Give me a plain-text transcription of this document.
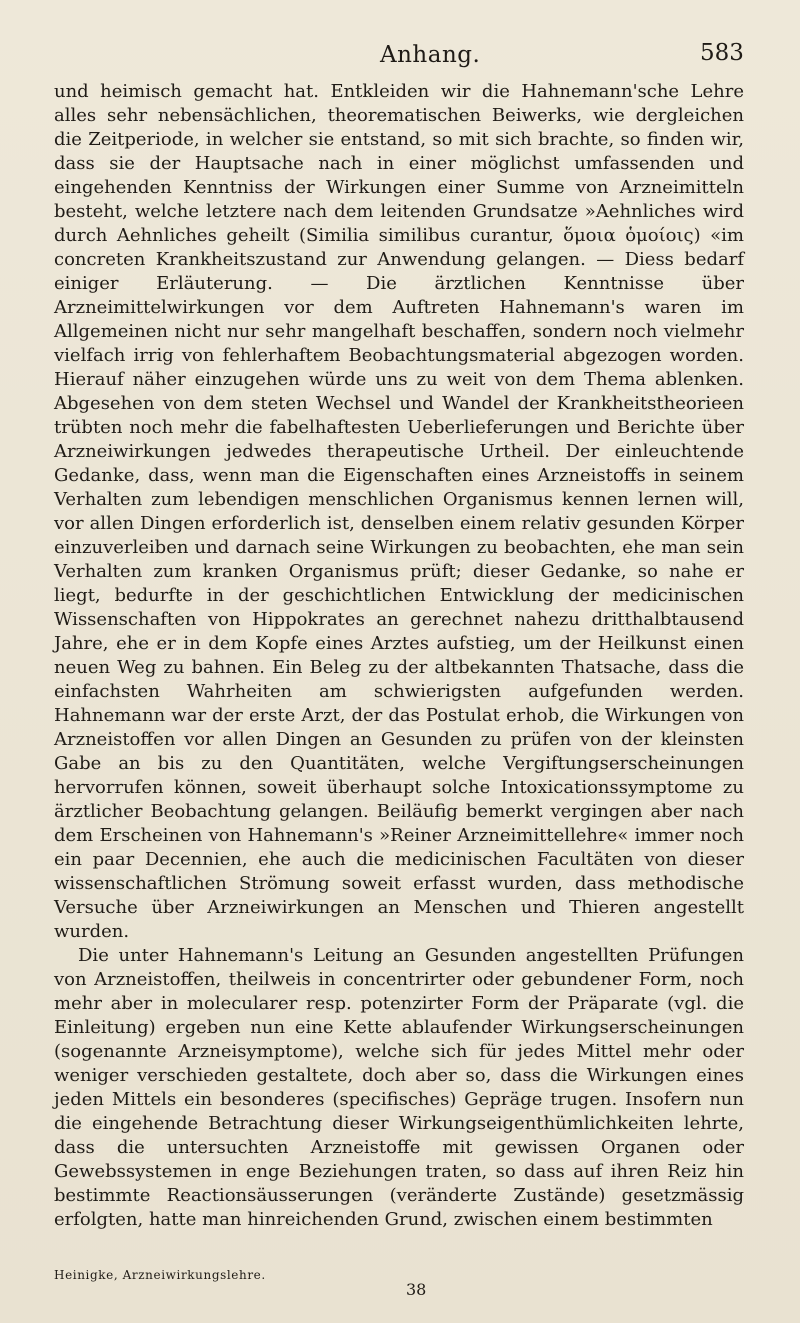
Anhang.	583

und heimisch gemacht hat. Entkleiden wir die Hahnemann'sche Lehre alles sehr nebensächlichen, theorematischen Beiwerks, wie dergleichen die Zeitperiode, in welcher sie entstand, so mit sich brachte, so finden wir, dass sie der Hauptsache nach in einer möglichst umfassenden und eingehenden Kenntniss der Wirkungen einer Summe von Arzneimitteln besteht, welche letztere nach dem leitenden Grundsatze »Aehnliches wird durch Aehnliches geheilt (Similia similibus curantur, ὅμοια ὁμοίοις) «im concreten Krankheitszustand zur Anwendung gelangen. — Diess bedarf einiger Erläuterung. — Die ärztlichen Kenntnisse über Arzneimittelwirkungen vor dem Auftreten Hahnemann's waren im Allgemeinen nicht nur sehr mangelhaft beschaffen, sondern noch vielmehr vielfach irrig von fehlerhaftem Beobachtungsmaterial abgezogen worden. Hierauf näher einzugehen würde uns zu weit von dem Thema ablenken. Abgesehen von dem steten Wechsel und Wandel der Krankheitstheorieen trübten noch mehr die fabelhaftesten Ueberlieferungen und Berichte über Arzneiwirkungen jedwedes therapeutische Urtheil. Der einleuchtende Gedanke, dass, wenn man die Eigenschaften eines Arzneistoffs in seinem Verhalten zum lebendigen menschlichen Organismus kennen lernen will, vor allen Dingen erforderlich ist, denselben einem relativ gesunden Körper einzuverleiben und darnach seine Wirkungen zu beobachten, ehe man sein Verhalten zum kranken Organismus prüft; dieser Gedanke, so nahe er liegt, bedurfte in der geschichtlichen Entwicklung der medicinischen Wissenschaften von Hippokrates an gerechnet nahezu dritthalbtausend Jahre, ehe er in dem Kopfe eines Arztes aufstieg, um der Heilkunst einen neuen Weg zu bahnen. Ein Beleg zu der altbekannten Thatsache, dass die einfachsten Wahrheiten am schwierigsten aufgefunden werden. Hahnemann war der erste Arzt, der das Postulat erhob, die Wirkungen von Arzneistoffen vor allen Dingen an Gesunden zu prüfen von der kleinsten Gabe an bis zu den Quantitäten, welche Vergiftungserscheinungen hervorrufen können, soweit überhaupt solche Intoxicationssymptome zu ärztlicher Beobachtung gelangen. Beiläufig bemerkt vergingen aber nach dem Erscheinen von Hahnemann's »Reiner Arzneimittellehre« immer noch ein paar Decennien, ehe auch die medicinischen Facultäten von dieser wissenschaftlichen Strömung soweit erfasst wurden, dass methodische Versuche über Arzneiwirkungen an Menschen und Thieren angestellt wurden.

Die unter Hahnemann's Leitung an Gesunden angestellten Prüfungen von Arzneistoffen, theilweis in concentrirter oder gebundener Form, noch mehr aber in molecularer resp. potenzirter Form der Präparate (vgl. die Einleitung) ergeben nun eine Kette ablaufender Wirkungserscheinungen (sogenannte Arzneisymptome), welche sich für jedes Mittel mehr oder weniger verschieden gestaltete, doch aber so, dass die Wirkungen eines jeden Mittels ein besonderes (specifisches) Gepräge trugen. Insofern nun die eingehende Betrachtung dieser Wirkungseigenthümlichkeiten lehrte, dass die untersuchten Arzneistoffe mit gewissen Organen oder Gewebssystemen in enge Beziehungen traten, so dass auf ihren Reiz hin bestimmte Reactionsäusserungen (veränderte Zustände) gesetzmässig erfolgten, hatte man hinreichenden Grund, zwischen einem bestimmten

Heinigke, Arzneiwirkungslehre.
38
